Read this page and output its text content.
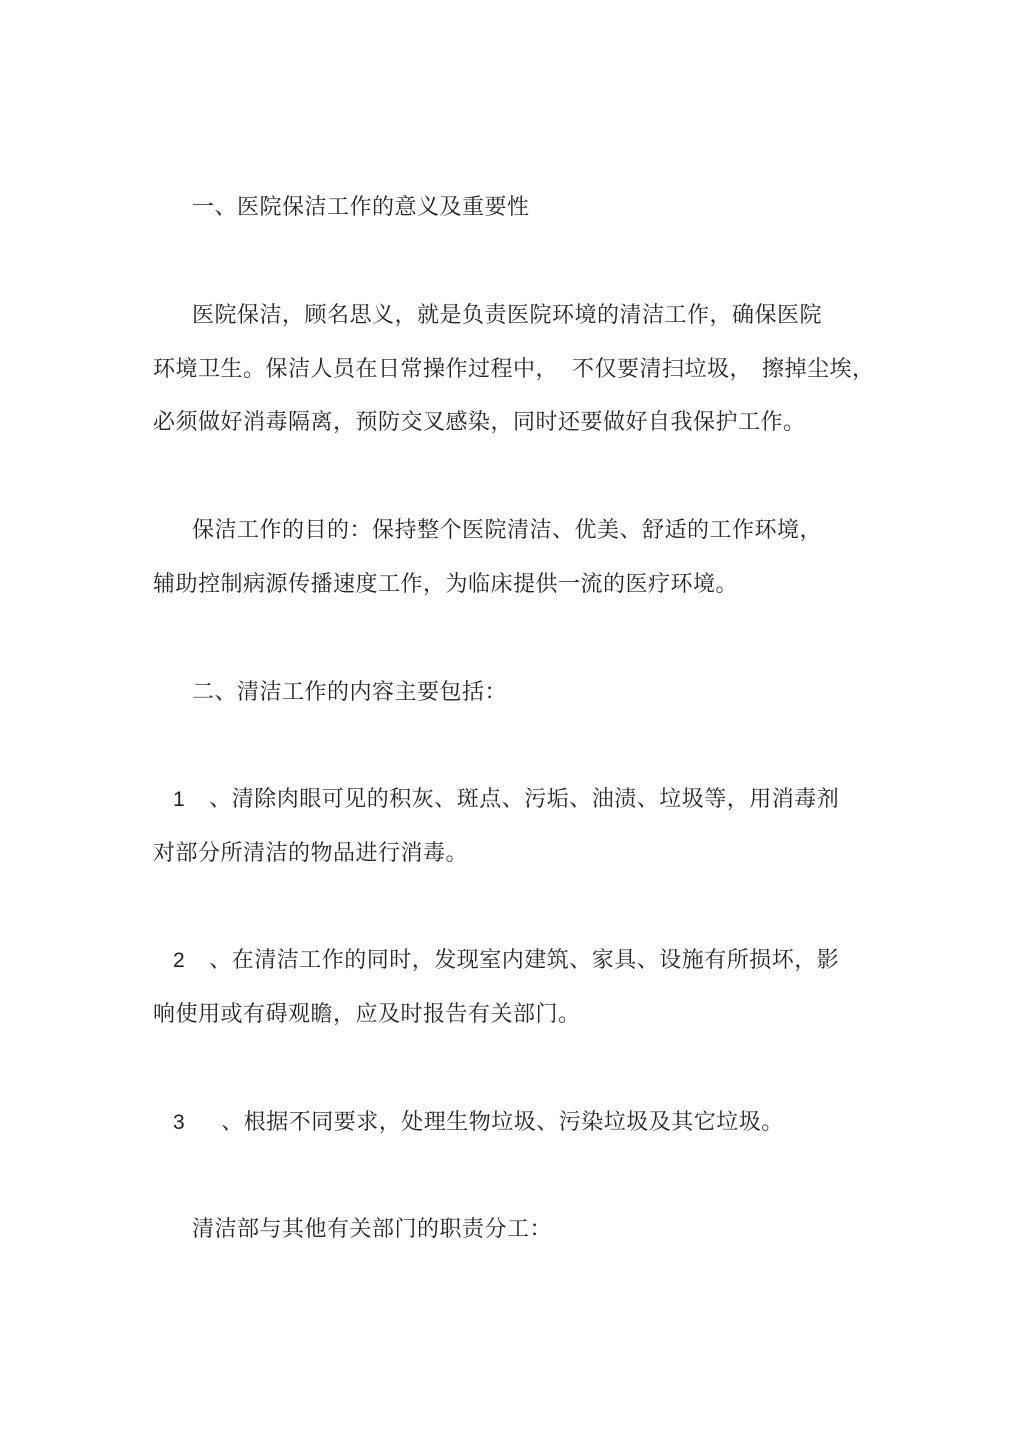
一、医院保洁工作的意义及重要性
医院保洁，顾名思义，就是负责医院环境的清洁工作，确保医院
环境卫生。保洁人员在日常操作过程中， 不仅要清扫垃圾， 擦掉尘埃，
必须做好消毒隔离，预防交叉感染，同时还要做好自我保护工作。
保洁工作的目的：保持整个医院清洁、优美、舒适的工作环境，
辅助控制病源传播速度工作，为临床提供一流的医疗环境。
二、清洁工作的内容主要包括：
1 、清除肉眼可见的积灰、斑点、污垢、油渍、垃圾等，用消毒剂
对部分所清洁的物品进行消毒。
2 、在清洁工作的同时，发现室内建筑、家具、设施有所损坏，影
响使用或有碍观瞻，应及时报告有关部门。
3 、根据不同要求，处理生物垃圾、污染垃圾及其它垃圾。
清洁部与其他有关部门的职责分工：
